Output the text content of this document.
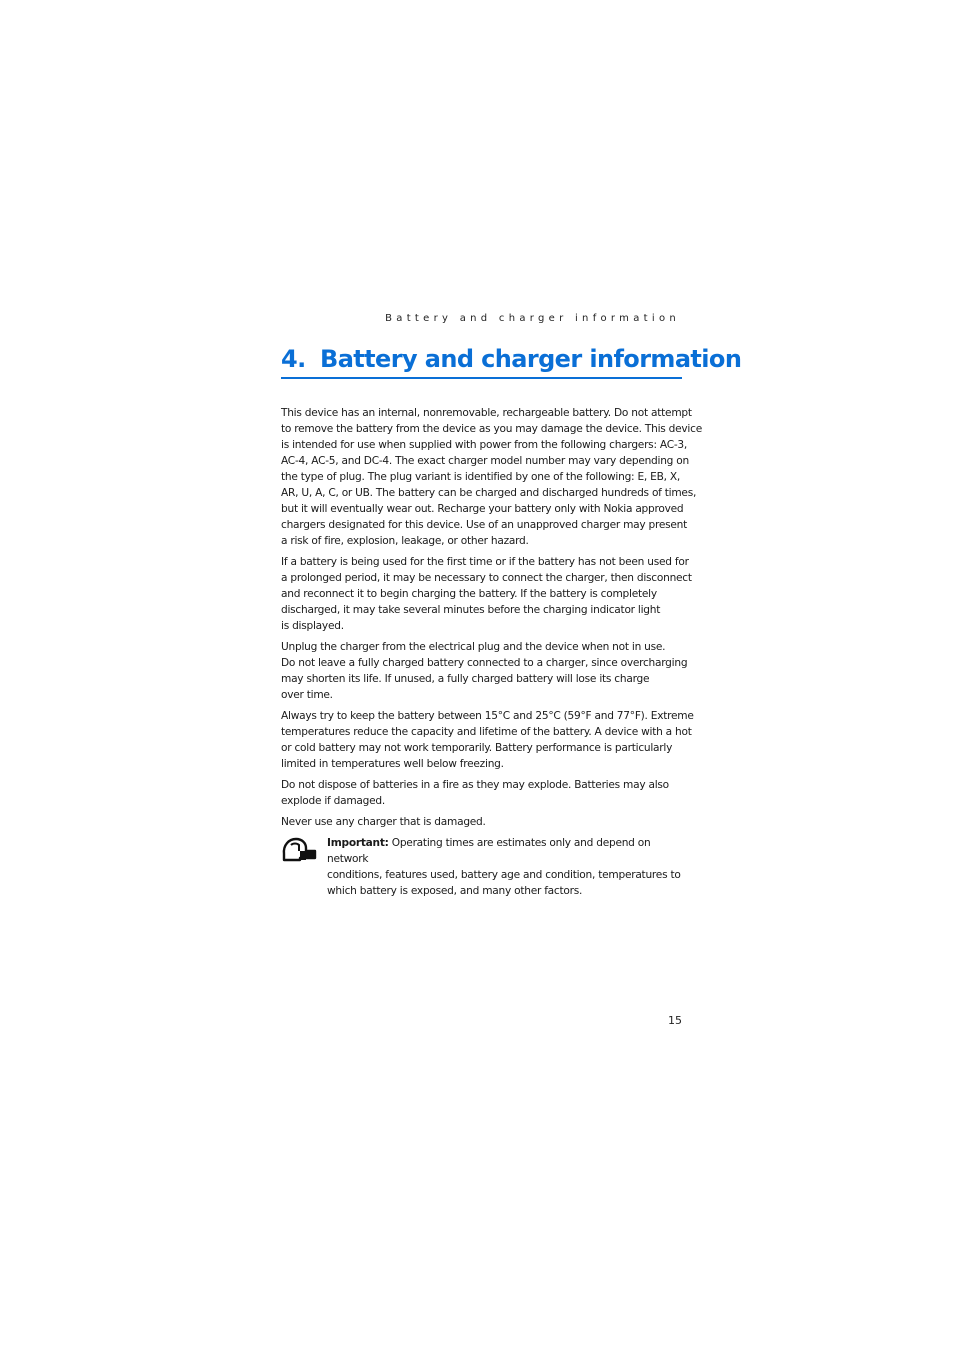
Battery and charger information
4. Battery and charger information

This device has an internal, nonremovable, rechargeable battery. Do not attempt
to remove the battery from the device as you may damage the device. This device
is intended for use when supplied with power from the following chargers: AC-3,
AC-4, AC-5, and DC-4. The exact charger model number may vary depending on
the type of plug. The plug variant is identified by one of the following: E, EB, X,
AR, U, A, C, or UB. The battery can be charged and discharged hundreds of times,
but it will eventually wear out. Recharge your battery only with Nokia approved
chargers designated for this device. Use of an unapproved charger may present
a risk of fire, explosion, leakage, or other hazard.

If a battery is being used for the first time or if the battery has not been used for
a prolonged period, it may be necessary to connect the charger, then disconnect
and reconnect it to begin charging the battery. If the battery is completely
discharged, it may take several minutes before the charging indicator light
is displayed.

Unplug the charger from the electrical plug and the device when not in use.
Do not leave a fully charged battery connected to a charger, since overcharging
may shorten its life. If unused, a fully charged battery will lose its charge
over time.

Always try to keep the battery between 15°C and 25°C (59°F and 77°F). Extreme
temperatures reduce the capacity and lifetime of the battery. A device with a hot
or cold battery may not work temporarily. Battery performance is particularly
limited in temperatures well below freezing.

Do not dispose of batteries in a fire as they may explode. Batteries may also
explode if damaged.

Never use any charger that is damaged.

Important: Operating times are estimates only and depend on network
conditions, features used, battery age and condition, temperatures to
which battery is exposed, and many other factors.
15
